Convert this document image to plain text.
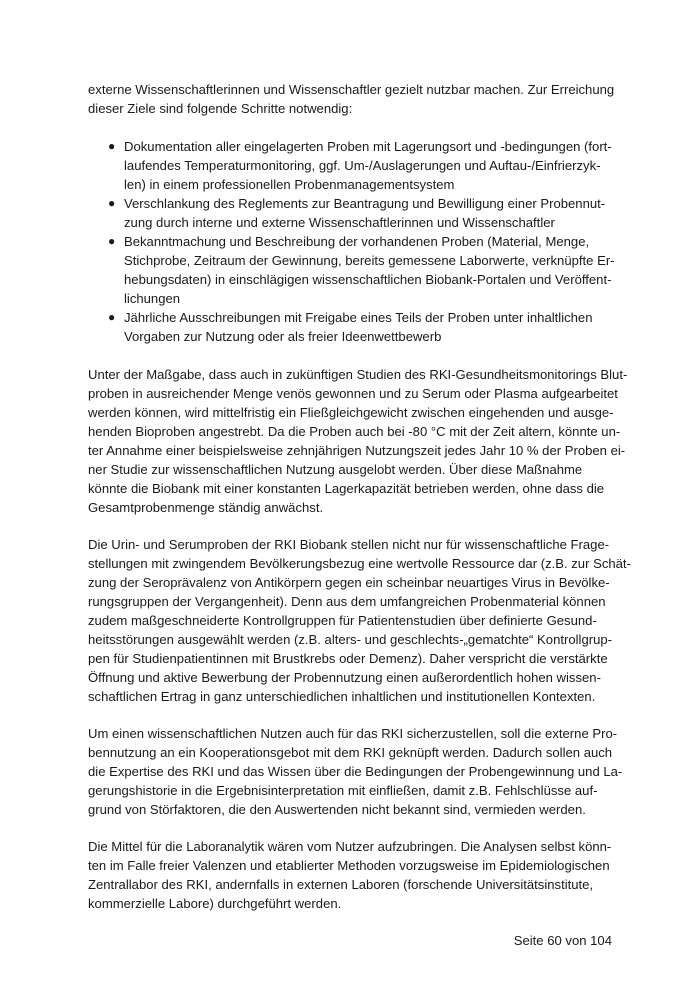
externe Wissenschaftlerinnen und Wissenschaftler gezielt nutzbar machen. Zur Erreichung
dieser Ziele sind folgende Schritte notwendig:
● Dokumentation aller eingelagerten Proben mit Lagerungsort und -bedingungen (fort-
laufendes Temperaturmonitoring, ggf. Um-/Auslagerungen und Auftau-/Einfrierzyk-
len) in einem professionellen Probenmanagementsystem
● Verschlankung des Reglements zur Beantragung und Bewilligung einer Probennut-
zung durch interne und externe Wissenschaftlerinnen und Wissenschaftler
● Bekanntmachung und Beschreibung der vorhandenen Proben (Material, Menge,
Stichprobe, Zeitraum der Gewinnung, bereits gemessene Laborwerte, verknüpfte Er-
hebungsdaten) in einschlägigen wissenschaftlichen Biobank-Portalen und Veröffent-
lichungen
● Jährliche Ausschreibungen mit Freigabe eines Teils der Proben unter inhaltlichen
Vorgaben zur Nutzung oder als freier Ideenwettbewerb
Unter der Maßgabe, dass auch in zukünftigen Studien des RKI-Gesundheitsmonitorings Blut-
proben in ausreichender Menge venös gewonnen und zu Serum oder Plasma aufgearbeitet
werden können, wird mittelfristig ein Fließgleichgewicht zwischen eingehenden und ausge-
henden Bioproben angestrebt. Da die Proben auch bei -80 °C mit der Zeit altern, könnte un-
ter Annahme einer beispielsweise zehnjährigen Nutzungszeit jedes Jahr 10 % der Proben ei-
ner Studie zur wissenschaftlichen Nutzung ausgelobt werden. Über diese Maßnahme
könnte die Biobank mit einer konstanten Lagerkapazität betrieben werden, ohne dass die
Gesamtprobenmenge ständig anwächst.
Die Urin- und Serumproben der RKI Biobank stellen nicht nur für wissenschaftliche Frage-
stellungen mit zwingendem Bevölkerungsbezug eine wertvolle Ressource dar (z.B. zur Schät-
zung der Seroprävalenz von Antikörpern gegen ein scheinbar neuartiges Virus in Bevölke-
rungsgruppen der Vergangenheit). Denn aus dem umfangreichen Probenmaterial können
zudem maßgeschneiderte Kontrollgruppen für Patientenstudien über definierte Gesund-
heitsstörungen ausgewählt werden (z.B. alters- und geschlechts-„gematchte“ Kontrollgrup-
pen für Studienpatientinnen mit Brustkrebs oder Demenz). Daher verspricht die verstärkte
Öffnung und aktive Bewerbung der Probennutzung einen außerordentlich hohen wissen-
schaftlichen Ertrag in ganz unterschiedlichen inhaltlichen und institutionellen Kontexten.
Um einen wissenschaftlichen Nutzen auch für das RKI sicherzustellen, soll die externe Pro-
bennutzung an ein Kooperationsgebot mit dem RKI geknüpft werden. Dadurch sollen auch
die Expertise des RKI und das Wissen über die Bedingungen der Probengewinnung und La-
gerungshistorie in die Ergebnisinterpretation mit einfließen, damit z.B. Fehlschlüsse auf-
grund von Störfaktoren, die den Auswertenden nicht bekannt sind, vermieden werden.
Die Mittel für die Laboranalytik wären vom Nutzer aufzubringen. Die Analysen selbst könn-
ten im Falle freier Valenzen und etablierter Methoden vorzugsweise im Epidemiologischen
Zentrallabor des RKI, andernfalls in externen Laboren (forschende Universitätsinstitute,
kommerzielle Labore) durchgeführt werden.
Seite 60 von 104
